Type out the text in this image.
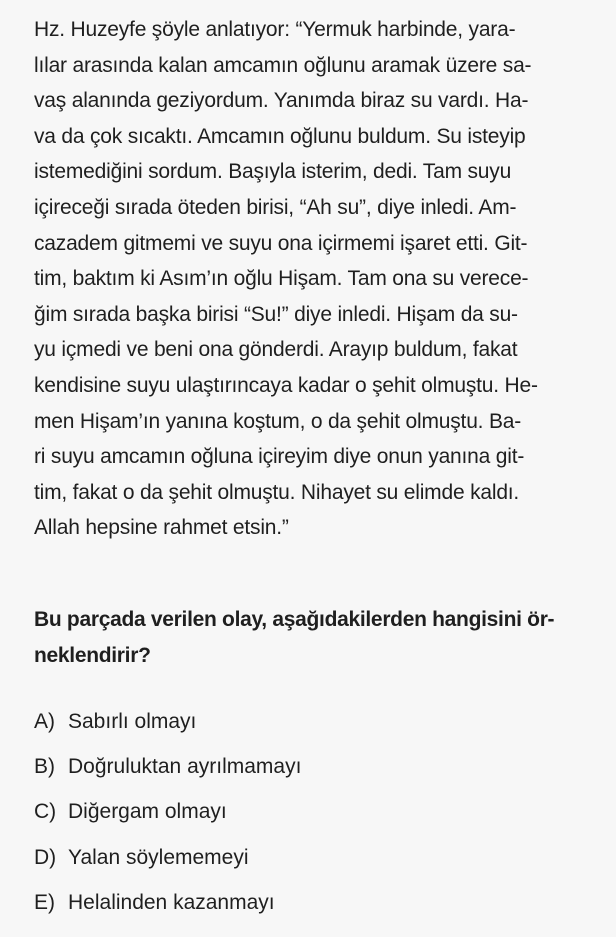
Hz. Huzeyfe şöyle anlatıyor: “Yermuk harbinde, yara-
lılar arasında kalan amcamın oğlunu aramak üzere sa-
vaş alanında geziyordum. Yanımda biraz su vardı. Ha-
va da çok sıcaktı. Amcamın oğlunu buldum. Su isteyip
istemediğini sordum. Başıyla isterim, dedi. Tam suyu
içireceği sırada öteden birisi, “Ah su”, diye inledi. Am-
cazadem gitmemi ve suyu ona içirmemi işaret etti. Git-
tim, baktım ki Asım’ın oğlu Hişam. Tam ona su verece-
ğim sırada başka birisi “Su!” diye inledi. Hişam da su-
yu içmedi ve beni ona gönderdi. Arayıp buldum, fakat
kendisine suyu ulaştırıncaya kadar o şehit olmuştu. He-
men Hişam’ın yanına koştum, o da şehit olmuştu. Ba-
ri suyu amcamın oğluna içireyim diye onun yanına git-
tim, fakat o da şehit olmuştu. Nihayet su elimde kaldı.
Allah hepsine rahmet etsin.”
Bu parçada verilen olay, aşağıdakilerden hangisini ör-
neklendirir?
A) Sabırlı olmayı
B) Doğruluktan ayrılmamayı
C) Diğergam olmayı
D) Yalan söylememeyi
E) Helalinden kazanmayı
